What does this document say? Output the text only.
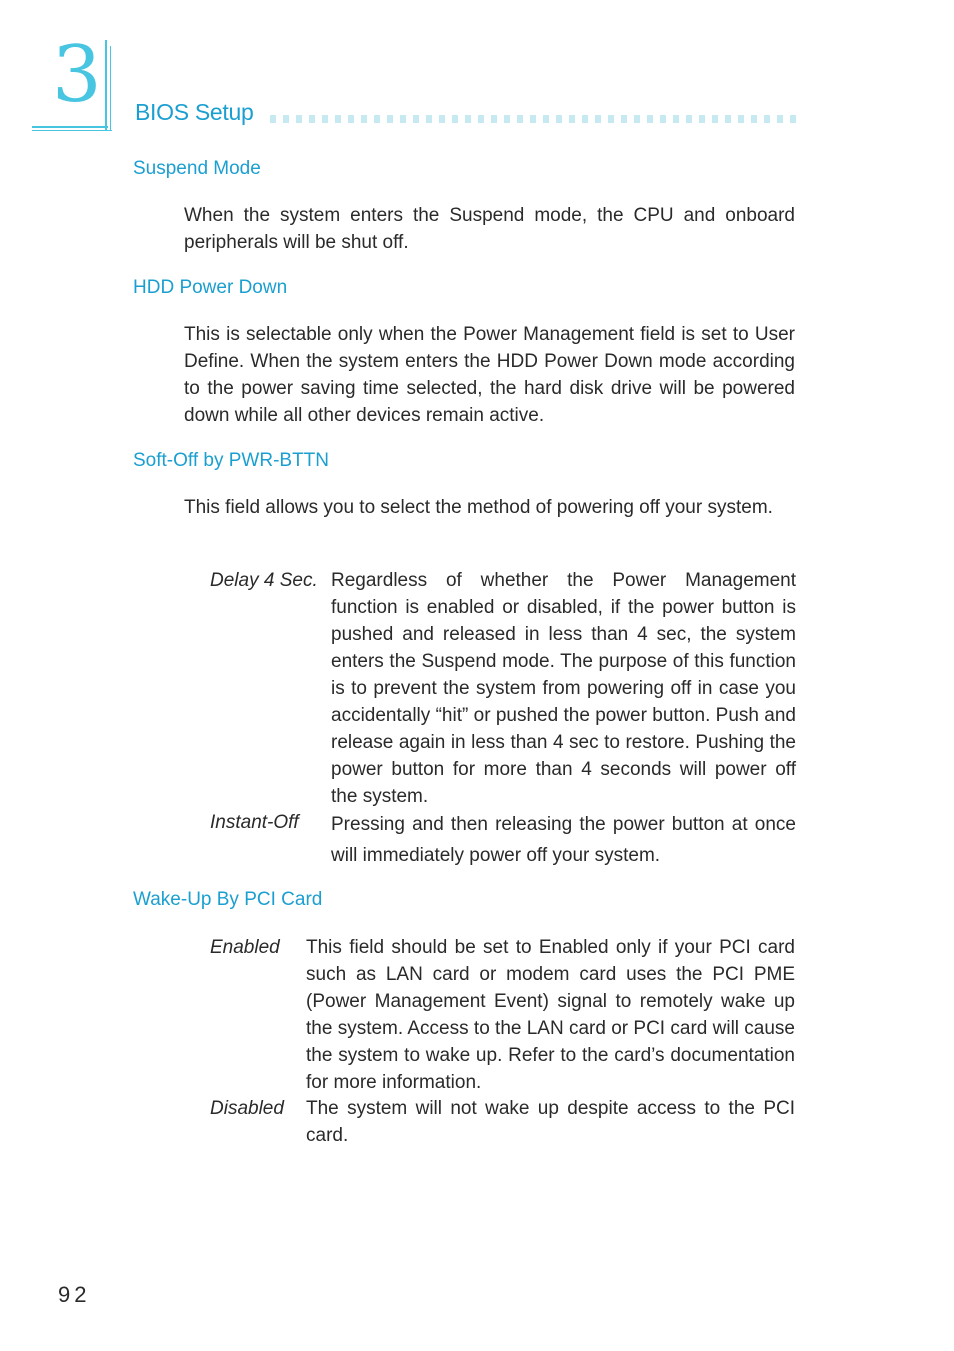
3 BIOS Setup
Suspend Mode

When the system enters the Suspend mode, the CPU and onboard peripherals will be shut off.

HDD Power Down

This is selectable only when the Power Management field is set to User Define. When the system enters the HDD Power Down mode according to the power saving time selected, the hard disk drive will be powered down while all other devices remain active.

Soft-Off by PWR-BTTN

This field allows you to select the method of powering off your system.

Delay 4 Sec. Regardless of whether the Power Management function is enabled or disabled, if the power button is pushed and released in less than 4 sec, the system enters the Suspend mode. The purpose of this function is to prevent the system from powering off in case you accidentally “hit” or pushed the power button. Push and release again in less than 4 sec to restore. Pushing the power button for more than 4 seconds will power off the system.

Instant-Off Pressing and then releasing the power button at once will immediately power off your system.

Wake-Up By PCI Card
Enabled This field should be set to Enabled only if your PCI card such as LAN card or modem card uses the PCI PME (Power Management Event) signal to remotely wake up the system. Access to the LAN card or PCI card will cause the system to wake up. Refer to the card’s documentation for more information.

Disabled The system will not wake up despite access to the PCI card.

92
